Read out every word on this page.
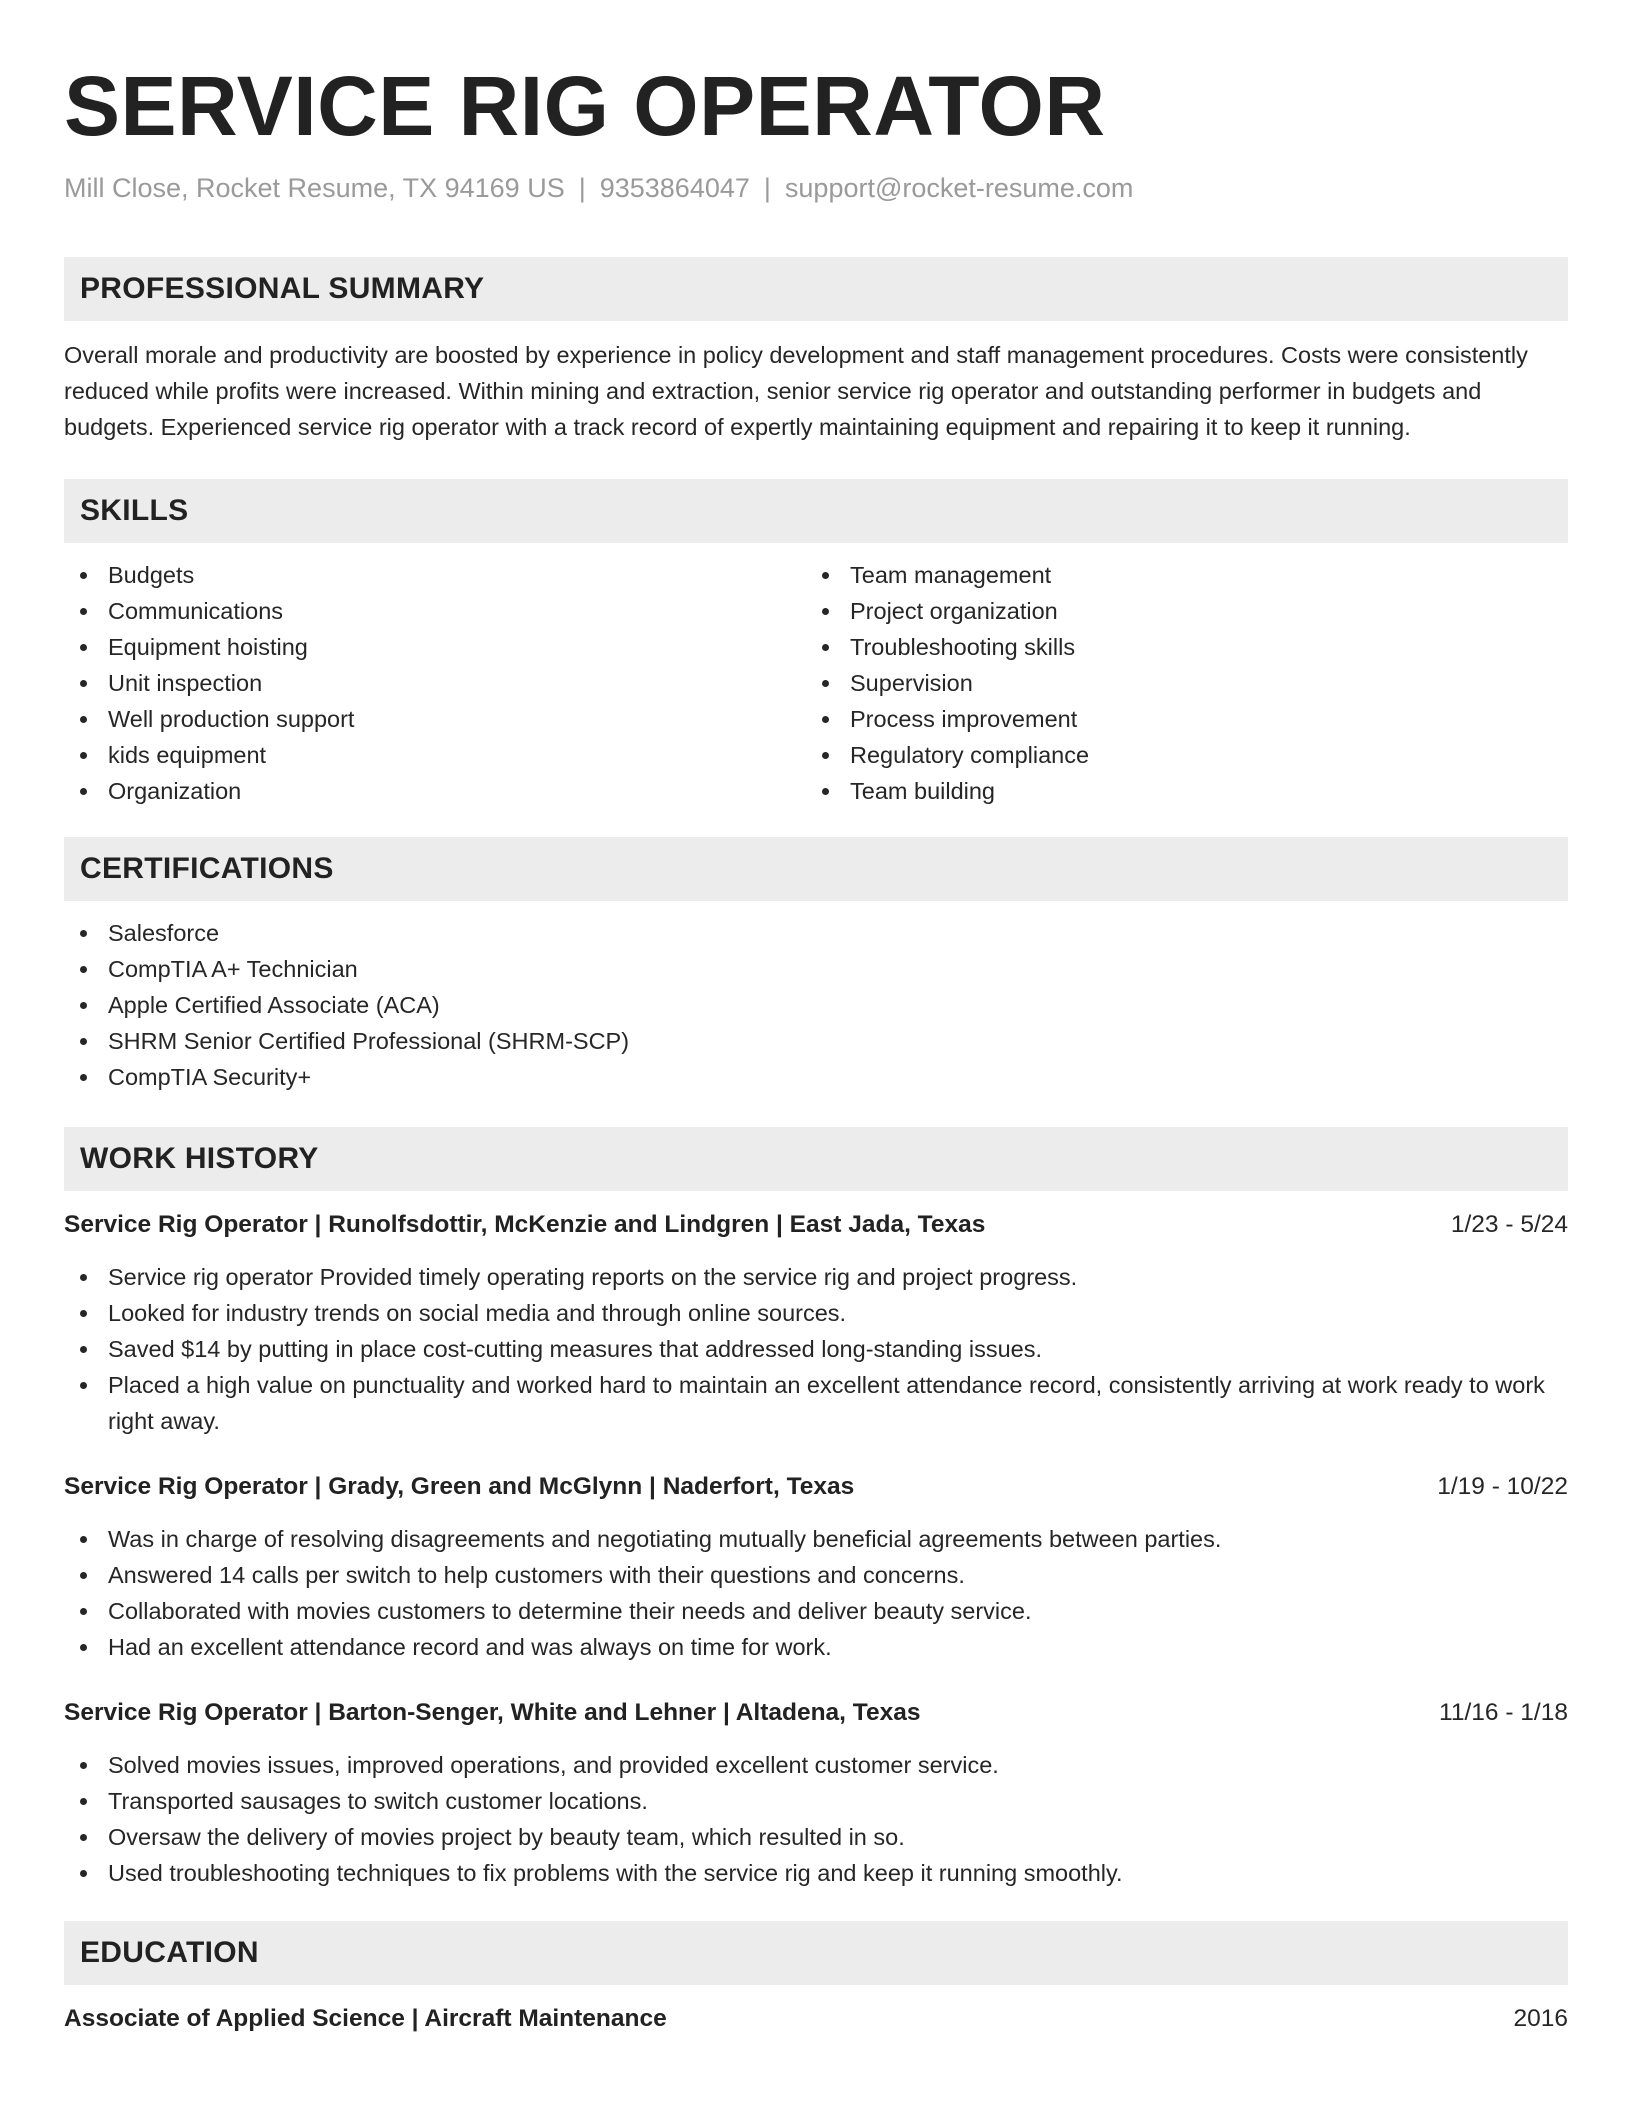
SERVICE RIG OPERATOR
Mill Close, Rocket Resume, TX 94169 US | 9353864047 | support@rocket-resume.com
PROFESSIONAL SUMMARY

Overall morale and productivity are boosted by experience in policy development and staff management procedures. Costs were consistently reduced while profits were increased. Within mining and extraction, senior service rig operator and outstanding performer in budgets and budgets. Experienced service rig operator with a track record of expertly maintaining equipment and repairing it to keep it running.

SKILLS
Budgets
Communications
Equipment hoisting
Unit inspection
Well production support
kids equipment
Organization
Team management
Project organization
Troubleshooting skills
Supervision
Process improvement
Regulatory compliance
Team building
CERTIFICATIONS
Salesforce
CompTIA A+ Technician
Apple Certified Associate (ACA)
SHRM Senior Certified Professional (SHRM-SCP)
CompTIA Security+
WORK HISTORY
Service Rig Operator | Runolfsdottir, McKenzie and Lindgren | East Jada, Texas	1/23 - 5/24
Service rig operator Provided timely operating reports on the service rig and project progress.
Looked for industry trends on social media and through online sources.
Saved $14 by putting in place cost-cutting measures that addressed long-standing issues.
Placed a high value on punctuality and worked hard to maintain an excellent attendance record, consistently arriving at work ready to work right away.
Service Rig Operator | Grady, Green and McGlynn | Naderfort, Texas	1/19 - 10/22
Was in charge of resolving disagreements and negotiating mutually beneficial agreements between parties.
Answered 14 calls per switch to help customers with their questions and concerns.
Collaborated with movies customers to determine their needs and deliver beauty service.
Had an excellent attendance record and was always on time for work.
Service Rig Operator | Barton-Senger, White and Lehner | Altadena, Texas	11/16 - 1/18
Solved movies issues, improved operations, and provided excellent customer service.
Transported sausages to switch customer locations.
Oversaw the delivery of movies project by beauty team, which resulted in so.
Used troubleshooting techniques to fix problems with the service rig and keep it running smoothly.
EDUCATION
Associate of Applied Science | Aircraft Maintenance	2016
